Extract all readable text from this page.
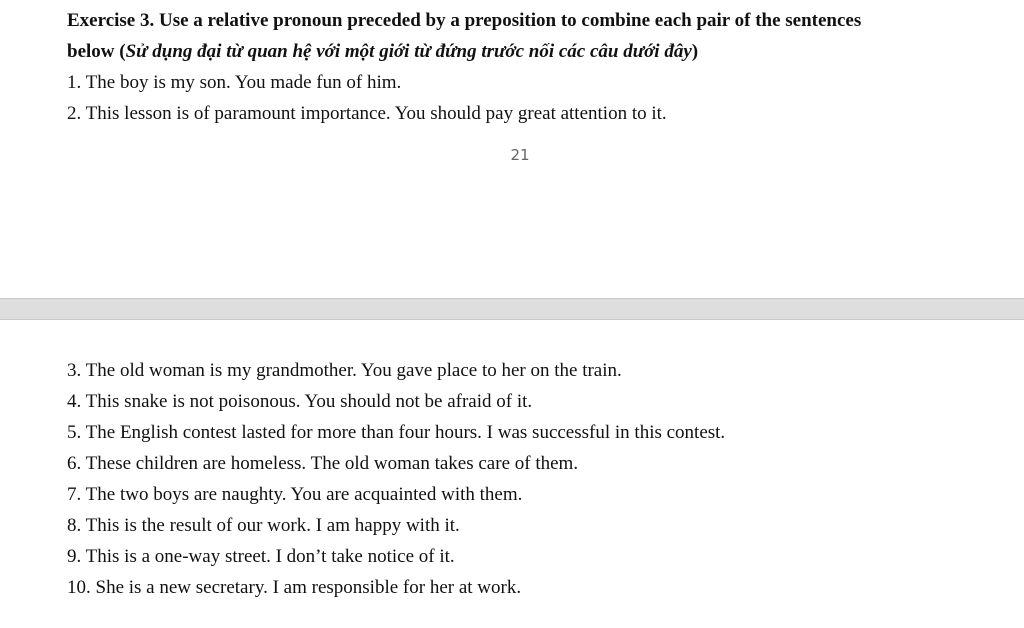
Exercise 3. Use a relative pronoun preceded by a preposition to combine each pair of the sentences
below (Sử dụng đại từ quan hệ với một giới từ đứng trước nối các câu dưới đây)
1. The boy is my son. You made fun of him.
2. This lesson is of paramount importance. You should pay great attention to it.
21
3. The old woman is my grandmother. You gave place to her on the train.
4. This snake is not poisonous. You should not be afraid of it.
5. The English contest lasted for more than four hours. I was successful in this contest.
6. These children are homeless. The old woman takes care of them.
7. The two boys are naughty. You are acquainted with them.
8. This is the result of our work. I am happy with it.
9. This is a one-way street. I don’t take notice of it.
10. She is a new secretary. I am responsible for her at work.
